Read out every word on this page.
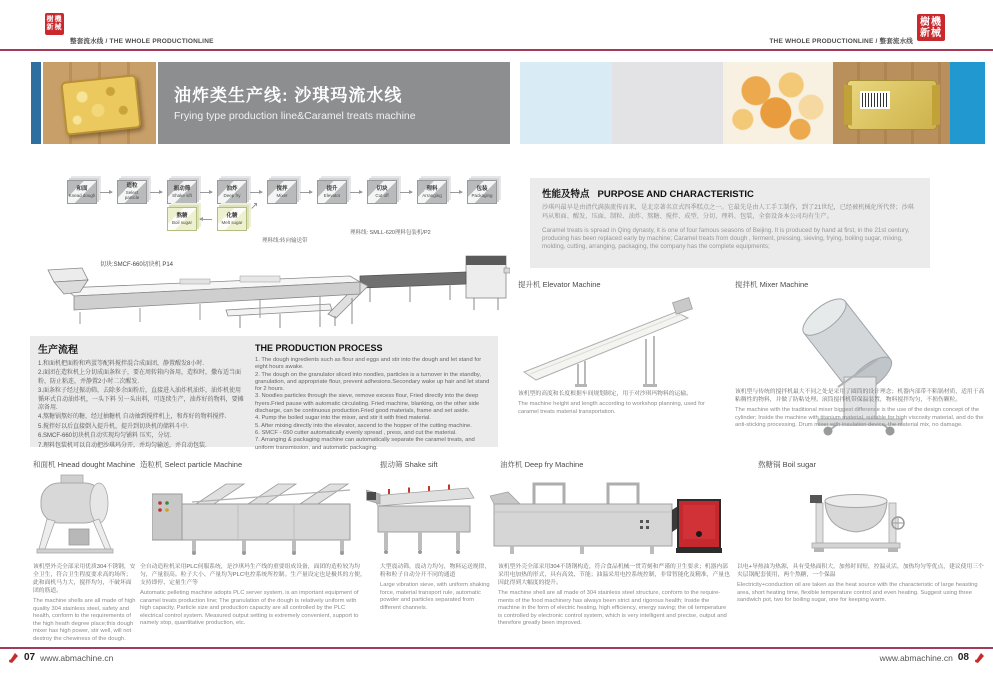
樹機
新械
整套流水线 / THE WHOLE PRODUCTIONLINE	THE WHOLE PRODUCTIONLINE / 整套流水线
樹機
新械
油炸类生产线: 沙琪玛流水线
Frying type production line&Caramel treats machine
和面
Knead dough
造粒
Select particle
振动筛
Shake sift
油炸
Deep fry
搅拌
Mixer
提升
Elevator
切块
Cut off
理料
Arranging
包装
Packaging
熬糖
Boil sugar
化糖
Melt sugar
↗
理料线:转向输送带
理料线: SMLL-620理料包装机/P2
切块:SMCF-660切块机 P14
生产流程

1.和面机把面粉和鸡蛋等配料搅拌混合成面团，静置醒发8小时.

2.面团在造粒机上分切成面条粒子，要在周转箱内备用，造粒时，撒布适当面粉，防止粘连，并静置2小时二次醒发.

3.面条粒子经过振动筛，去除多余面粉后，直接进入油炸机油炸，油炸机使用循环式自动油炸机，一头下料 另一头出料，可连续生产，油炸好的物料，要摊凉备用.

4.熬糖锅熬好的糖，经过抽糖机 自动抽到搅拌机上，和炸好的物料搅拌.

5.搅拌好以后直接倒入提升机，提升到切块机的储料斗中.

6.SMCF-660切块机自动实现均匀铺料 压实，分切.

7.理料包装机可以自动把沙琪玛分开，并均匀输送，并自动包装.

THE PRODUCTION PROCESS

1. The dough ingredients such as flour and eggs and stir into the dough and let stand for eight hours awake.

2. The dough on the granulator sliced into noodles, particles is a turnover in the standby, granulation, and appropriate flour, prevent adhesions.Secondary wake up hair and let stand for 2 hours.

3. Noodles particles through the sieve, remove excess flour, Fried directly into the deep fryers.Fried pause with automatic circulating. Fried machine, blanking, on the other side discharge, can be continuous production.Fried good materials, frame and set aside.

4. Pump the boiled sugar into the mixer, and stir it with fried material.

5. After mixing directly into the elevator, ascend to the hopper of the cutting machine.

6. SMCF - 650 cutter automatically evenly spread , press, and cut the material.

7. Arranging & packaging machine can automatically separate the caramel treats, and uniform transmission, and automatic packaging.

性能及特点 PURPOSE AND CHARACTERISTIC

沙琪玛最早是由清代满族流传而来，是北京著名京式四季糕点之一。它最先是由人工手工制作，到了21世纪，已经被机械化所代替；沙琪玛从和面、醒发、压面、制粒、油炸、熬糖、搅拌、成型、分切、理料、包装，全套设备本公司均有生产。

Caramel treats is spread in Qing dynasty, it is one of four famous seasons of Beijing. It is produced by hand at first, in the 21st century, producing has been replaced early by machine; Caramel treats from dough , ferment, pressing, sieving, frying, boiling sugar, mixing, molding, cutting, arranging, packaging, the company has the complete equipments;

提升机 Elevator Machine

该机型的高度和长度根据车间规划制定，用于对沙琪玛物料的运输。

The machine height and length according to workshop planning, used for caramel treats material transportation.

搅拌机 Mixer Machine

该机型与传统的搅拌机最大不同之处是采用了圆筒的设计理念；机器内部带不粘锅材质，适用于高粘稠性的物料，并做了防粘处理。滚筒搅拌机带保温装置，物料搅拌均匀，不损伤颗粒。

The machine with the traditional mixer biggest difference is the use of the design concept of the cylinder; Inside the machine with titanium material, suitable for high viscosity material, and do the anti-sticking processing. Drum mixer with insulation device, the material mix, no damage.

和面机 Hnead dought Machine 造粒机 Select particle Machine	振动筛 Shake sift	油炸机 Deep fry Machine	熬糖锅 Boil sugar

该机型外壳全部采用优质304不锈钢，安全卫生，符合卫生程度要求高的场所；此和面机马力大，搅拌均匀，不破坏面团的筋道。

The machine shells are all made of high quality 304 stainless steel, safety and health, conform to the requirements of the high heath degree place;this dough mixer has high power, stir well, will not destroy the chewiness of the dough.

全自动造粒机采用PLC伺服系统，是沙琪玛生产线的重要组成设备，面团的造粒较为均匀，产量很高。粒子大小、产量均为PLC电控系统所控制。生产量设定也是极其的方便，支持即停、定量生产等

Automatic pelleting machine adopts PLC server system, is an important equipment of caramel treats production line; The granulation of the dough is relatively uniform with high capacity, Particle size and production capacity are all controlled by the PLC electrical control system. Measured output setting is extremely convenient, support to namely stop, quantitative production, etc.

大型震动筛，震动力均匀，物料运送规律，粉和粒子自动分开不同的通道

Large vibration sieve, with uniform shaking force, material transport rule, automatic powder and particles separated from different channels.

该机型外壳全部采用304不锈钢构造，符合食品机械一贯苛刻和严谨的卫生要求；机器内部采用电加热的形式，具有高效、节能；油温采用电控系统控制，非常智能化及精准，产量也因此得到大幅度的提升。

The machine shell are all made of 304 stainless steel structure, conform to the require-ments of the food machinery has always been strict and rigorous health; Inside the machine in the form of electric heating, high efficiency, energy saving; the oil temperature is controlled by electronic control system, which is very intelligent and precise, output and therefore greatly been improved.

以电+导热油为热源，具有受热面积大，加热时间短，控温灵活，加热均匀等优点，建议使用三个夹层锅配套使用，两个熬糖，一个保温

Electricity+conduction oil are taken as the heat source with the characteristic of large heasting area, short heating time, flexible temperature control and even heating. Suggest using three sandwich pot, two for boiling sugar, one for keeping warm.

07 www.abmachine.cn	www.abmachine.cn 08
